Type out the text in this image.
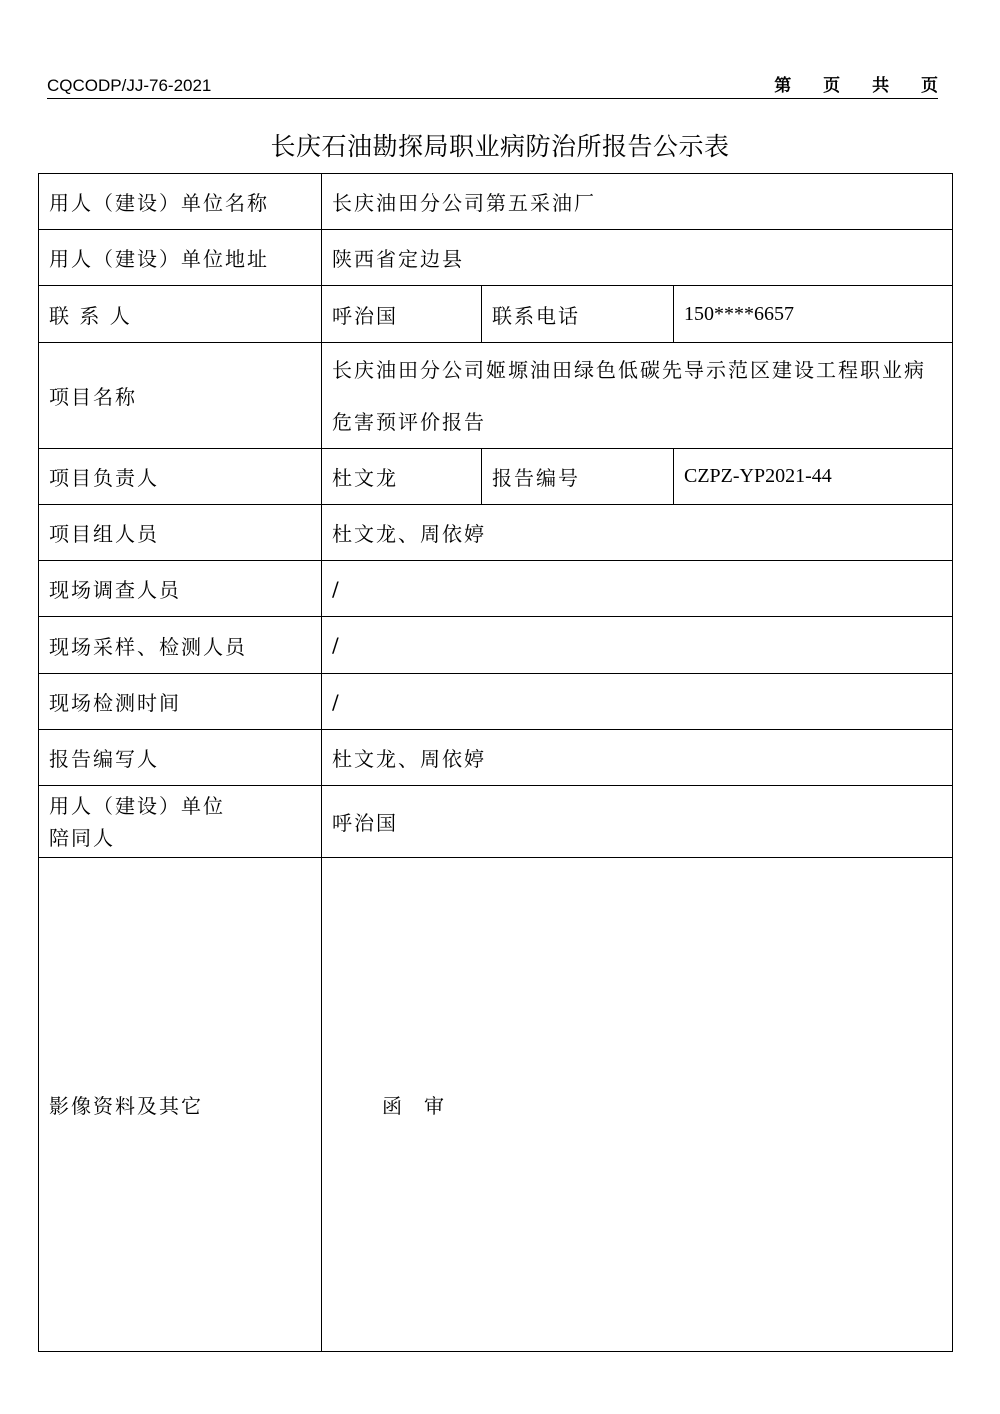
CQCODP/JJ-76-2021	第 页 共 页
长庆石油勘探局职业病防治所报告公示表
用人（建设）单位名称	长庆油田分公司第五采油厂		
用人（建设）单位地址	陕西省定边县		
联 系 人	呼治国	联系电话	150****6657
项目名称	长庆油田分公司姬塬油田绿色低碳先导示范区建设工程职业病危害预评价报告		
项目负责人	杜文龙	报告编号	CZPZ-YP2021-44
项目组人员	杜文龙、周依婷		
现场调查人员	/		
现场采样、检测人员	/		
现场检测时间	/		
报告编写人	杜文龙、周依婷		

用人（建设）单位
陪同人	呼治国		
影像资料及其它	函审		
